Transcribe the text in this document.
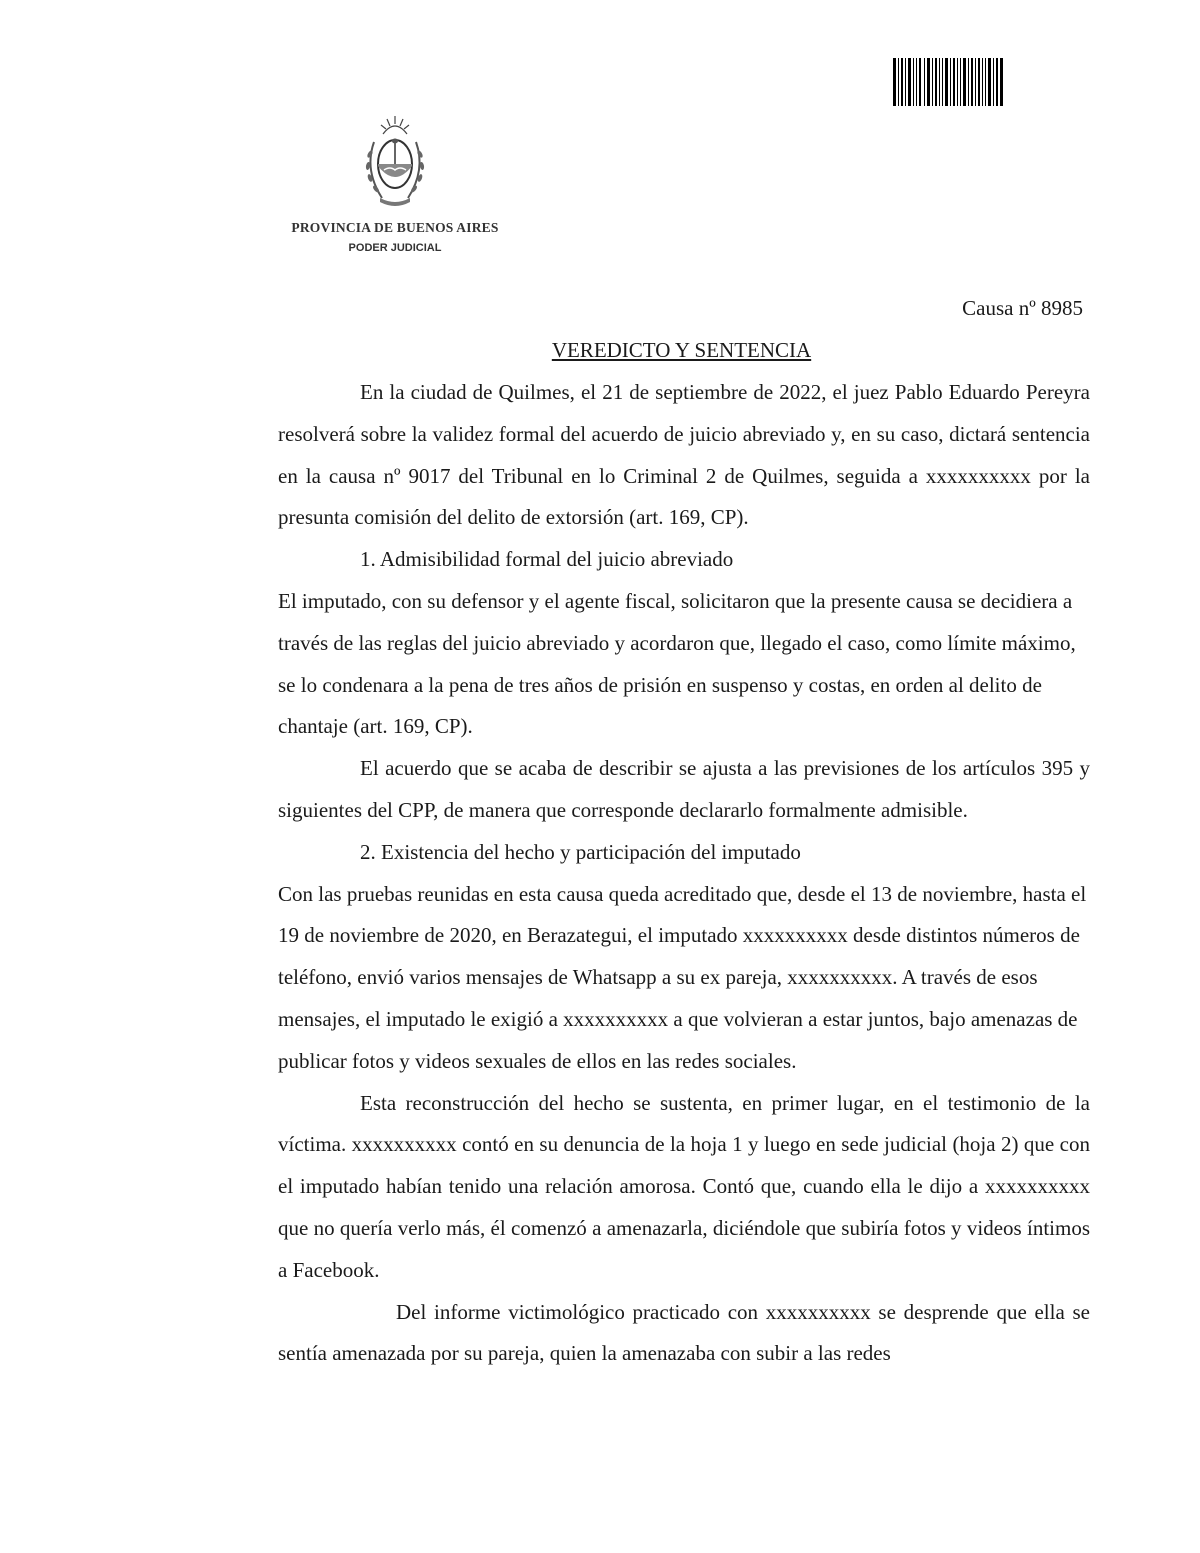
PROVINCIA DE BUENOS AIRES
PODER JUDICIAL
Causa nº 8985
VEREDICTO Y SENTENCIA

En la ciudad de Quilmes, el 21 de septiembre de 2022, el juez Pablo Eduardo Pereyra resolverá sobre la validez formal del acuerdo de juicio abreviado y, en su caso, dictará sentencia en la causa nº 9017 del Tribunal en lo Criminal 2 de Quilmes, seguida a xxxxxxxxxx por la presunta comisión del delito de extorsión (art. 169, CP).

1. Admisibilidad formal del juicio abreviado

El imputado, con su defensor y el agente fiscal, solicitaron que la presente causa se decidiera a través de las reglas del juicio abreviado y acordaron que, llegado el caso, como límite máximo, se lo condenara a la pena de tres años de prisión en suspenso y costas, en orden al delito de chantaje (art. 169, CP).

El acuerdo que se acaba de describir se ajusta a las previsiones de los artículos 395 y siguientes del CPP, de manera que corresponde declararlo formalmente admisible.

2. Existencia del hecho y participación del imputado

Con las pruebas reunidas en esta causa queda acreditado que, desde el 13 de noviembre, hasta el 19 de noviembre de 2020, en Berazategui, el imputado xxxxxxxxxx desde distintos números de teléfono, envió varios mensajes de Whatsapp a su ex pareja, xxxxxxxxxx. A través de esos mensajes, el imputado le exigió a xxxxxxxxxx a que volvieran a estar juntos, bajo amenazas de publicar fotos y videos sexuales de ellos en las redes sociales.

Esta reconstrucción del hecho se sustenta, en primer lugar, en el testimonio de la víctima. xxxxxxxxxx contó en su denuncia de la hoja 1 y luego en sede judicial (hoja 2) que con el imputado habían tenido una relación amorosa. Contó que, cuando ella le dijo a xxxxxxxxxx que no quería verlo más, él comenzó a amenazarla, diciéndole que subiría fotos y videos íntimos a Facebook.

Del informe victimológico practicado con xxxxxxxxxx se desprende que ella se sentía amenazada por su pareja, quien la amenazaba con subir a las redes
